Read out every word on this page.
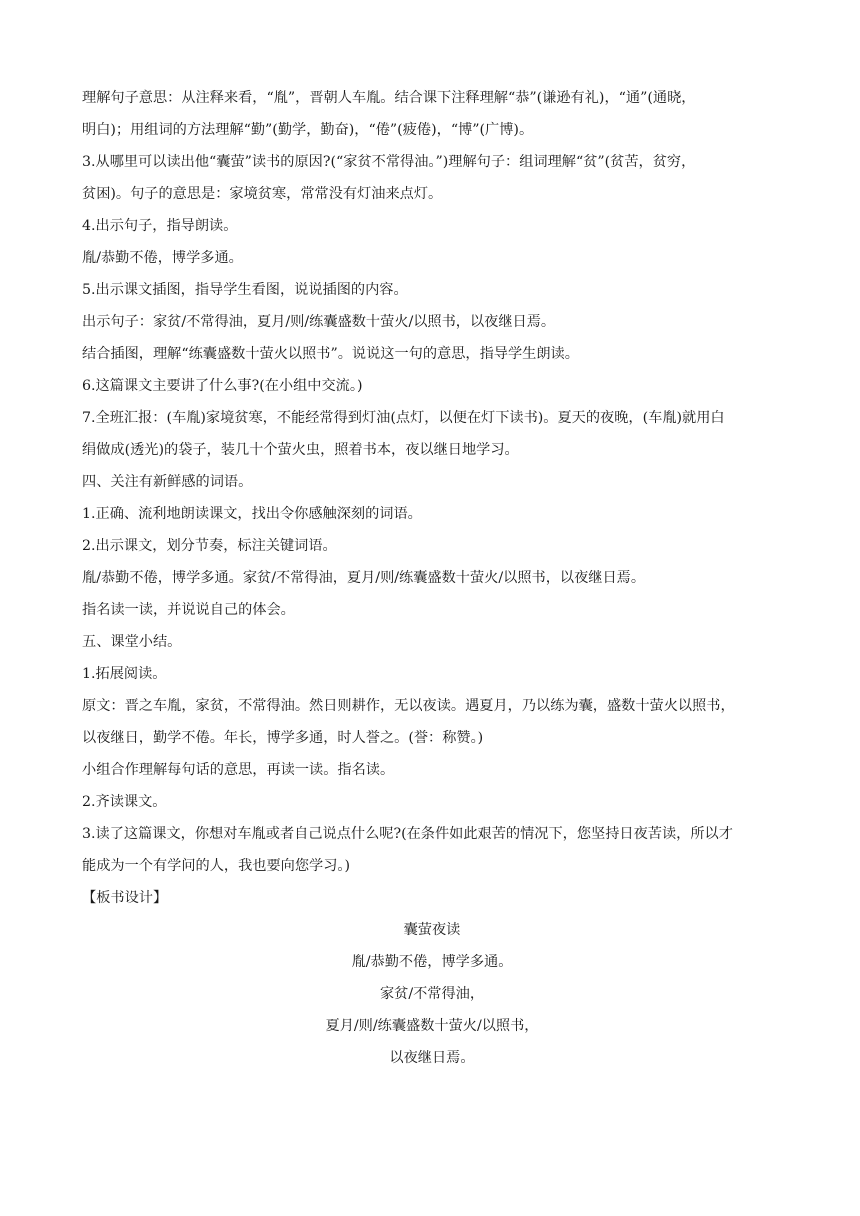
理解句子意思：从注释来看，“胤”，晋朝人车胤。结合课下注释理解“恭”(谦逊有礼)，“通”(通晓，

明白)；用组词的方法理解“勤”(勤学，勤奋)，“倦”(疲倦)，“博”(广博)。

3.从哪里可以读出他“囊萤”读书的原因?(“家贫不常得油。”)理解句子：组词理解“贫”(贫苦，贫穷，

贫困)。句子的意思是：家境贫寒，常常没有灯油来点灯。

4.出示句子，指导朗读。

胤/恭勤不倦，博学多通。

5.出示课文插图，指导学生看图，说说插图的内容。

出示句子：家贫/不常得油，夏月/则/练囊盛数十萤火/以照书，以夜继日焉。

结合插图，理解“练囊盛数十萤火以照书”。说说这一句的意思，指导学生朗读。

6.这篇课文主要讲了什么事?(在小组中交流。)

7.全班汇报：(车胤)家境贫寒，不能经常得到灯油(点灯，以便在灯下读书)。夏天的夜晚，(车胤)就用白

绢做成(透光)的袋子，装几十个萤火虫，照着书本，夜以继日地学习。

四、关注有新鲜感的词语。

1.正确、流利地朗读课文，找出令你感触深刻的词语。

2.出示课文，划分节奏，标注关键词语。

胤/恭勤不倦，博学多通。家贫/不常得油，夏月/则/练囊盛数十萤火/以照书，以夜继日焉。

指名读一读，并说说自己的体会。

五、课堂小结。

1.拓展阅读。

原文：晋之车胤，家贫，不常得油。然日则耕作，无以夜读。遇夏月，乃以练为囊，盛数十萤火以照书，

以夜继日，勤学不倦。年长，博学多通，时人誉之。(誉：称赞。)

小组合作理解每句话的意思，再读一读。指名读。

2.齐读课文。

3.读了这篇课文，你想对车胤或者自己说点什么呢?(在条件如此艰苦的情况下，您坚持日夜苦读，所以才

能成为一个有学问的人，我也要向您学习。)

【板书设计】

囊萤夜读

胤/恭勤不倦，博学多通。

家贫/不常得油，

夏月/则/练囊盛数十萤火/以照书，

以夜继日焉。
